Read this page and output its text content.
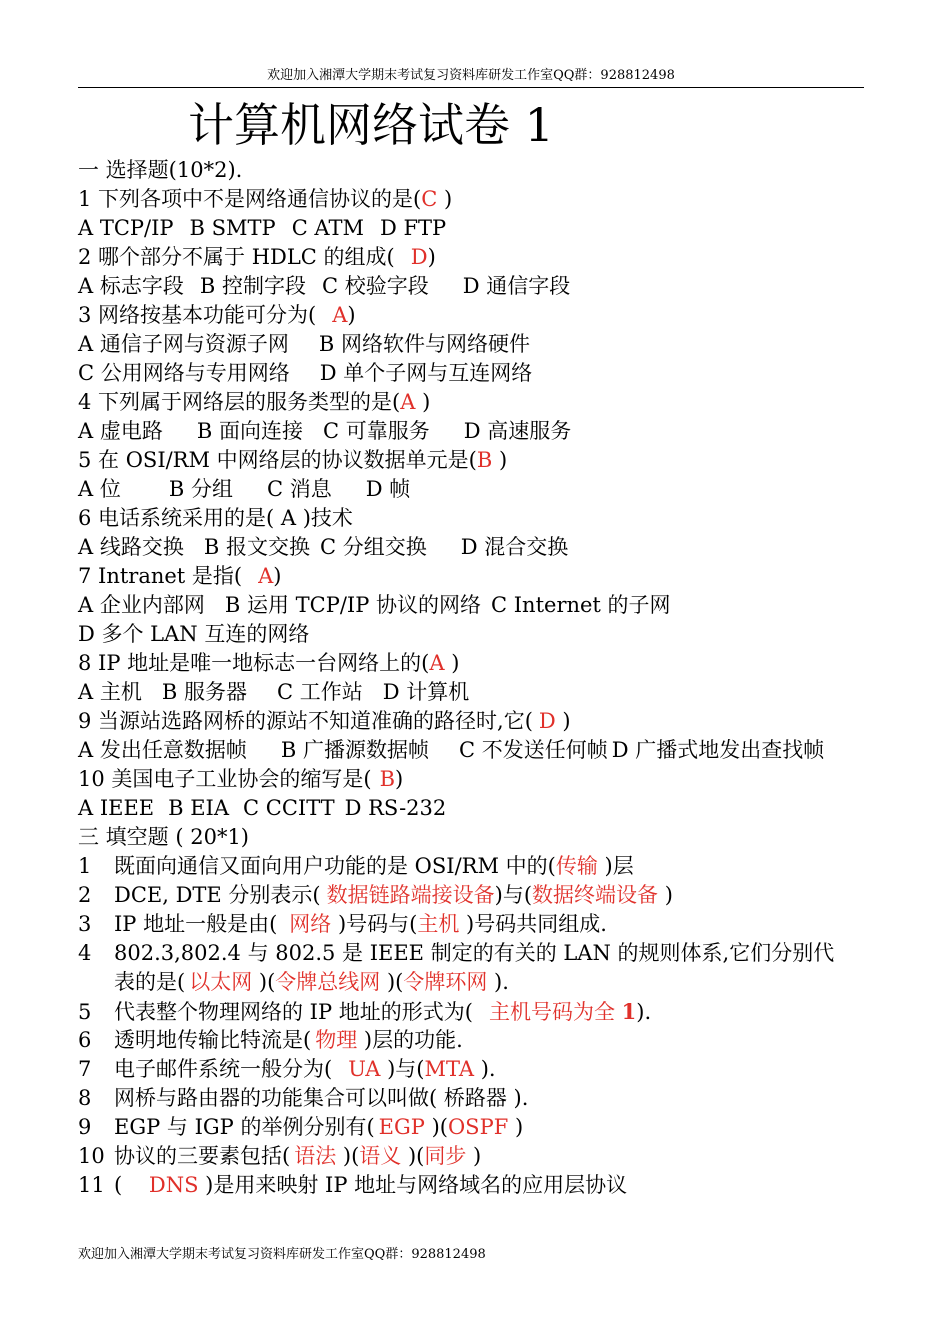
欢迎加入湘潭大学期末考试复习资料库研发工作室QQ群：928812498
计算机网络试卷 1
一 选择题(10*2).
1 下列各项中不是网络通信协议的是(C )
A TCP/IP B SMTP C ATM D FTP
2 哪个部分不属于 HDLC 的组成( D)
A 标志字段 B 控制字段 C 校验字段 D 通信字段
3 网络按基本功能可分为( A)
A 通信子网与资源子网 B 网络软件与网络硬件
C 公用网络与专用网络 D 单个子网与互连网络
4 下列属于网络层的服务类型的是(A )
A 虚电路 B 面向连接 C 可靠服务 D 高速服务
5 在 OSI/RM 中网络层的协议数据单元是(B )
A 位 B 分组 C 消息 D 帧
6 电话系统采用的是( A )技术
A 线路交换 B 报文交换 C 分组交换 D 混合交换
7 Intranet 是指( A)
A 企业内部网 B 运用 TCP/IP 协议的网络 C Internet 的子网
D 多个 LAN 互连的网络
8 IP 地址是唯一地标志一台网络上的(A )
A 主机 B 服务器 C 工作站 D 计算机
9 当源站选路网桥的源站不知道准确的路径时,它( D )
A 发出任意数据帧 B 广播源数据帧 C 不发送任何帧 D 广播式地发出查找帧
10 美国电子工业协会的缩写是( B)
A IEEE B EIA C CCITT D RS-232
三 填空题 ( 20*1)
1 既面向通信又面向用户功能的是 OSI/RM 中的(传输 )层
2 DCE, DTE 分别表示( 数据链路端接设备)与(数据终端设备 )
3 IP 地址一般是由( 网络 )号码与(主机 )号码共同组成.
4 802.3,802.4 与 802.5 是 IEEE 制定的有关的 LAN 的规则体系,它们分别代
表的是( 以太网 )(令牌总线网 )(令牌环网 ).
5 代表整个物理网络的 IP 地址的形式为( 主机号码为全 1).
6 透明地传输比特流是( 物理 )层的功能.
7 电子邮件系统一般分为( UA )与(MTA ).
8 网桥与路由器的功能集合可以叫做( 桥路器 ).
9 EGP 与 IGP 的举例分别有( EGP )(OSPF )
10 协议的三要素包括( 语法 )(语义 )(同步 )
11 ( DNS )是用来映射 IP 地址与网络域名的应用层协议
欢迎加入湘潭大学期末考试复习资料库研发工作室QQ群：928812498
